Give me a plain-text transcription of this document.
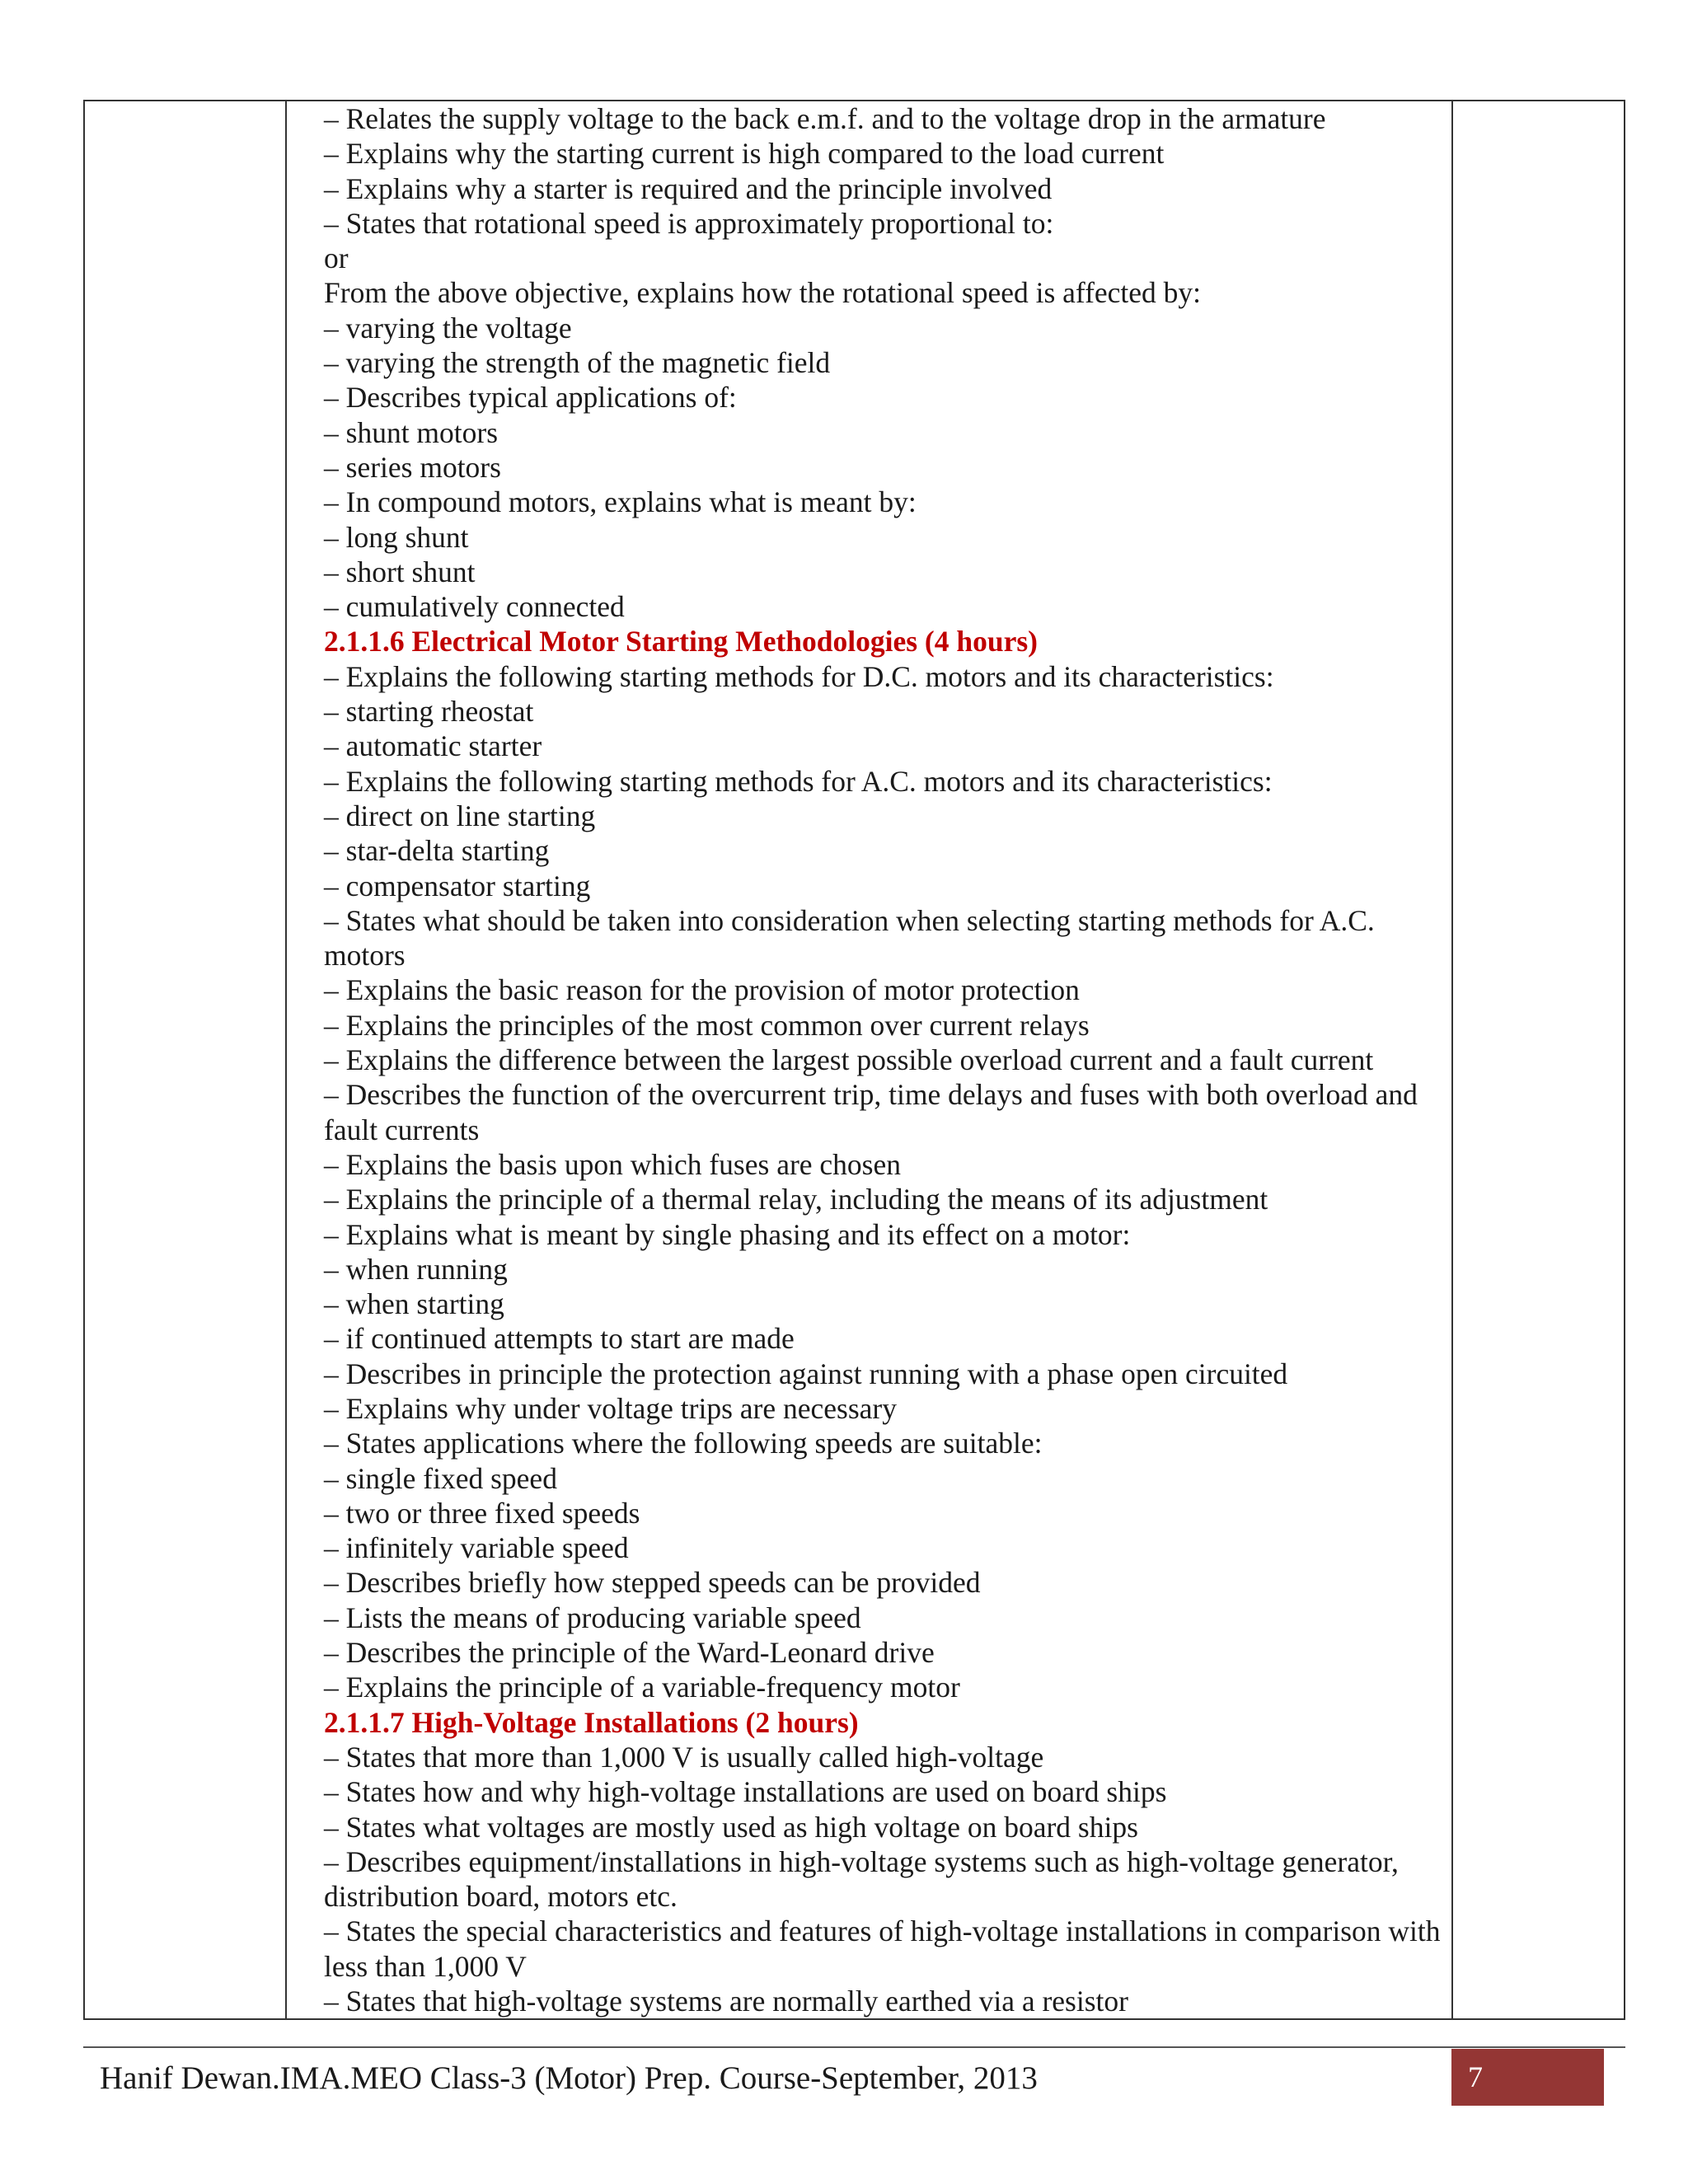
– Relates the supply voltage to the back e.m.f. and to the voltage drop in the armature
– Explains why the starting current is high compared to the load current
– Explains why a starter is required and the principle involved
– States that rotational speed is approximately proportional to:
or
From the above objective, explains how the rotational speed is affected by:
– varying the voltage
– varying the strength of the magnetic field
– Describes typical applications of:
– shunt motors
– series motors
– In compound motors, explains what is meant by:
– long shunt
– short shunt
– cumulatively connected
2.1.1.6 Electrical Motor Starting Methodologies (4 hours)
– Explains the following starting methods for D.C. motors and its characteristics:
– starting rheostat
– automatic starter
– Explains the following starting methods for A.C. motors and its characteristics:
– direct on line starting
– star-delta starting
– compensator starting
– States what should be taken into consideration when selecting starting methods for A.C. motors
– Explains the basic reason for the provision of motor protection
– Explains the principles of the most common over current relays
– Explains the difference between the largest possible overload current and a fault current
– Describes the function of the overcurrent trip, time delays and fuses with both overload and fault currents
– Explains the basis upon which fuses are chosen
– Explains the principle of a thermal relay, including the means of its adjustment
– Explains what is meant by single phasing and its effect on a motor:
– when running
– when starting
– if continued attempts to start are made
– Describes in principle the protection against running with a phase open circuited
– Explains why under voltage trips are necessary
– States applications where the following speeds are suitable:
– single fixed speed
– two or three fixed speeds
– infinitely variable speed
– Describes briefly how stepped speeds can be provided
– Lists the means of producing variable speed
– Describes the principle of the Ward-Leonard drive
– Explains the principle of a variable-frequency motor
2.1.1.7 High-Voltage Installations (2 hours)
– States that more than 1,000 V is usually called high-voltage
– States how and why high-voltage installations are used on board ships
– States what voltages are mostly used as high voltage on board ships
– Describes equipment/installations in high-voltage systems such as high-voltage generator, distribution board, motors etc.
– States the special characteristics and features of high-voltage installations in comparison with less than 1,000 V
– States that high-voltage systems are normally earthed via a resistor
Hanif Dewan.IMA.MEO Class-3 (Motor) Prep. Course-September, 2013	7
